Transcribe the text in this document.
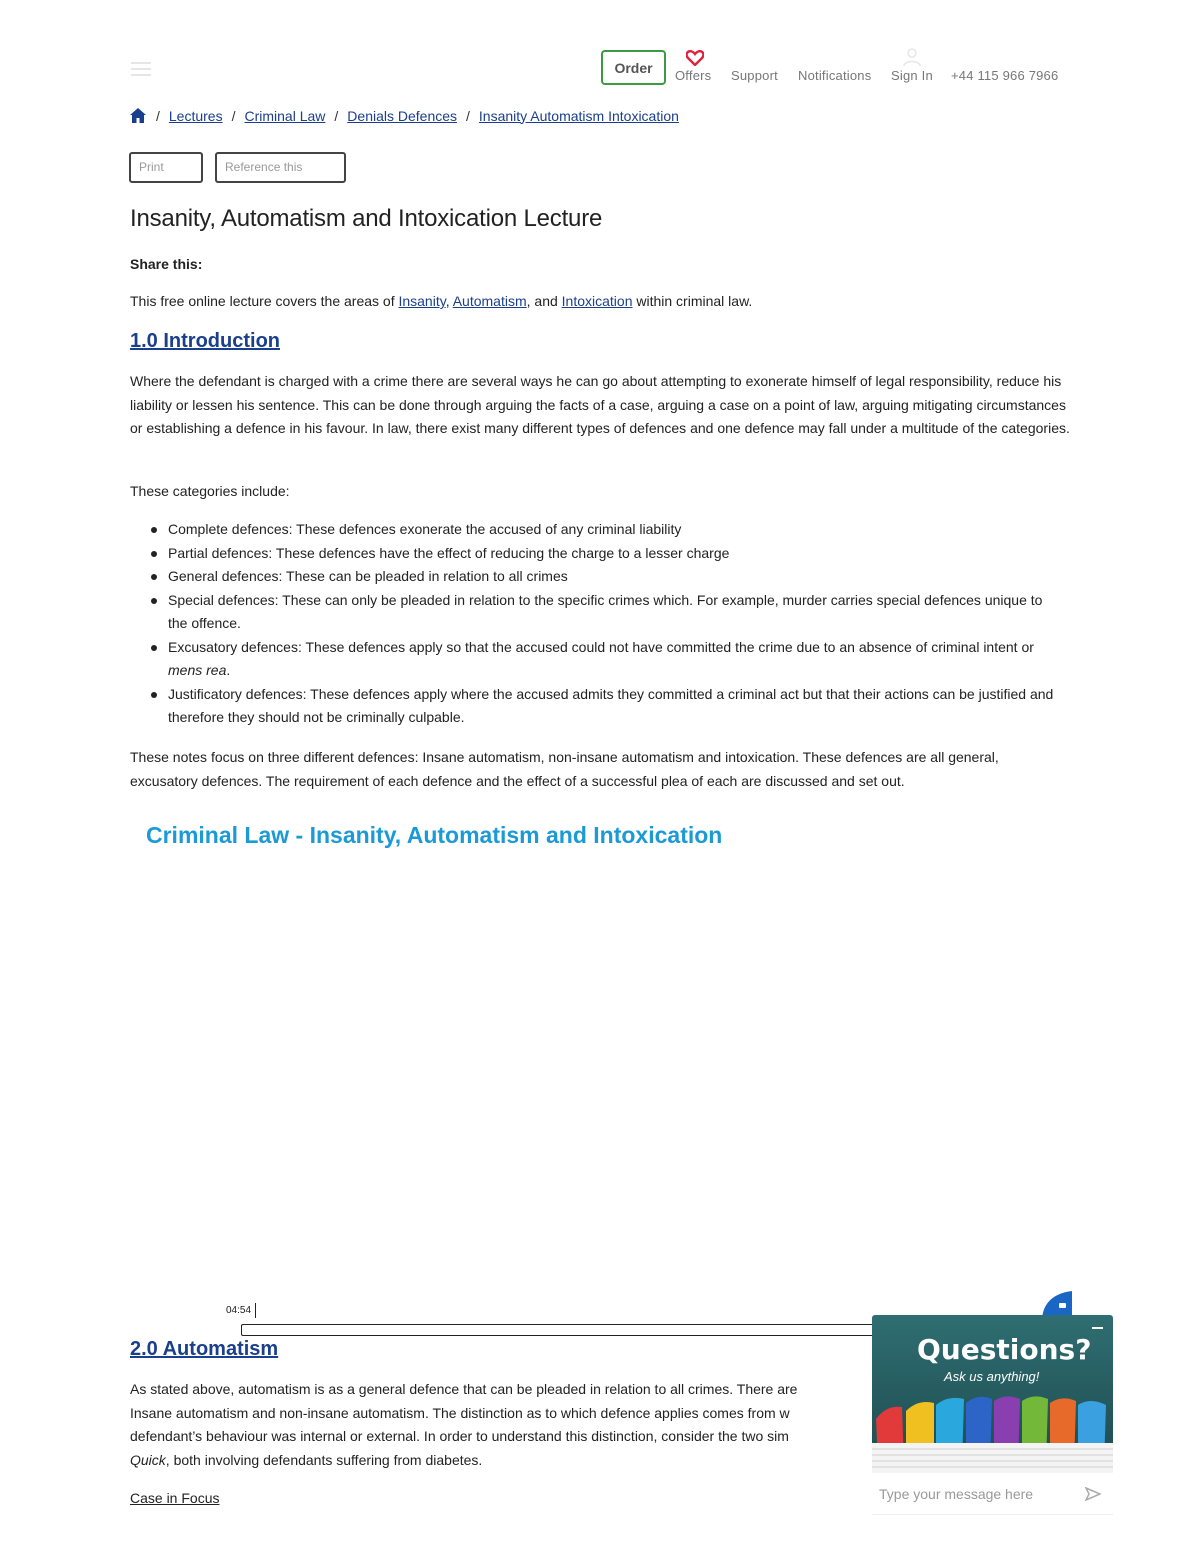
Order	Offers Support Notifications Sign In +44 115 966 7966
/ Lectures / Criminal Law / Denials Defences / Insanity Automatism Intoxication
Print	Reference this
Insanity, Automatism and Intoxication Lecture
Share this:
This free online lecture covers the areas of Insanity, Automatism, and Intoxication within criminal law.
1.0 Introduction

Where the defendant is charged with a crime there are several ways he can go about attempting to exonerate himself of legal responsibility, reduce his liability or lessen his sentence. This can be done through arguing the facts of a case, arguing a case on a point of law, arguing mitigating circumstances or establishing a defence in his favour. In law, there exist many different types of defences and one defence may fall under a multitude of the categories.

These categories include:

Complete defences: These defences exonerate the accused of any criminal liability
Partial defences: These defences have the effect of reducing the charge to a lesser charge
General defences: These can be pleaded in relation to all crimes
Special defences: These can only be pleaded in relation to the specific crimes which. For example, murder carries special defences unique to the offence.
Excusatory defences: These defences apply so that the accused could not have committed the crime due to an absence of criminal intent or mens rea.
Justificatory defences: These defences apply where the accused admits they committed a criminal act but that their actions can be justified and therefore they should not be criminally culpable.

These notes focus on three different defences: Insane automatism, non-insane automatism and intoxication. These defences are all general, excusatory defences. The requirement of each defence and the effect of a successful plea of each are discussed and set out.

Criminal Law - Insanity, Automatism and Intoxication
04:54
2.0 Automatism
As stated above, automatism is as a general defence that can be pleaded in relation to all crimes. There are
Insane automatism and non-insane automatism. The distinction as to which defence applies comes from w
defendant’s behaviour was internal or external. In order to understand this distinction, consider the two sim
Quick, both involving defendants suffering from diabetes.
Case in Focus
Questions?
Ask us anything!
Type your message here
